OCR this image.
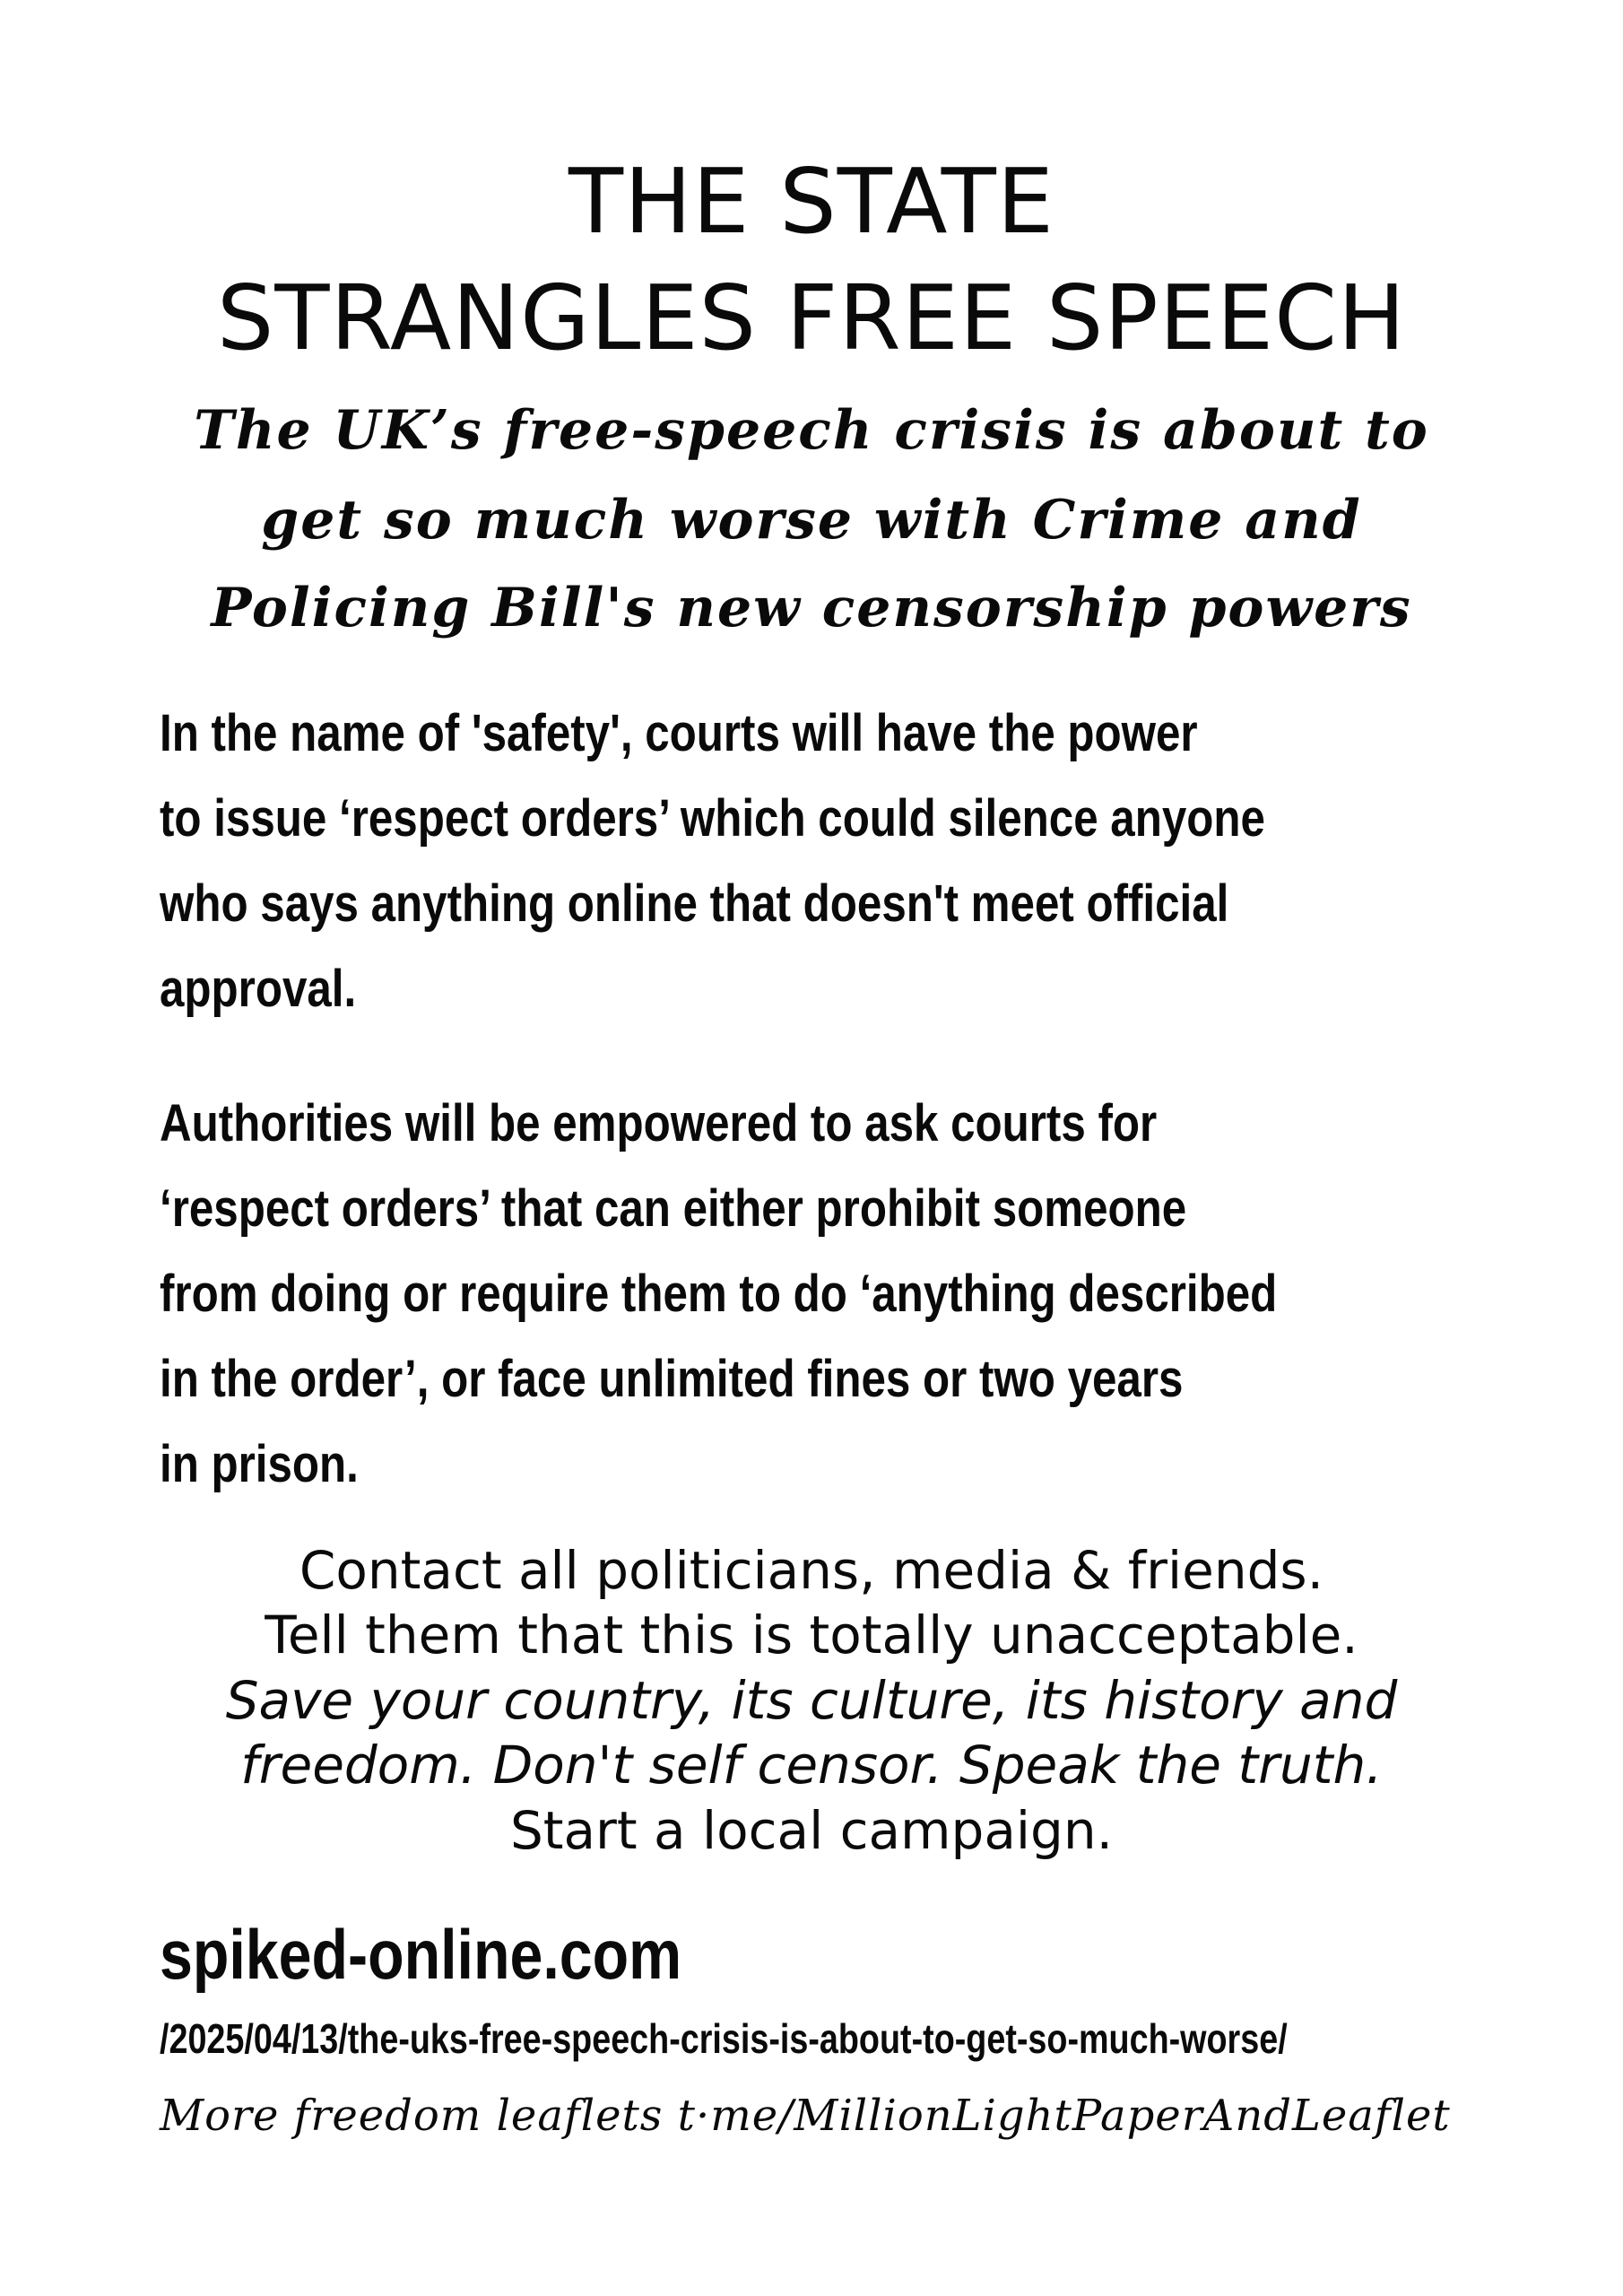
THE STATE
STRANGLES FREE SPEECH

The UK’s free-speech crisis is about to

get so much worse with Crime and

Policing Bill's new censorship powers

In the name of 'safety', courts will have the power
to issue ‘respect orders’ which could silence anyone
who says anything online that doesn't meet official
approval.
Authorities will be empowered to ask courts for
‘respect orders’ that can either prohibit someone
from doing or require them to do ‘anything described
in the order’, or face unlimited fines or two years
in prison.

Contact all politicians, media & friends.

Tell them that this is totally unacceptable.

Save your country, its culture, its history and

freedom. Don't self censor. Speak the truth.

Start a local campaign.

spiked-online.com

/2025/04/13/the-uks-free-speech-crisis-is-about-to-get-so-much-worse/

More freedom leaflets t·me/MillionLightPaperAndLeaflet
